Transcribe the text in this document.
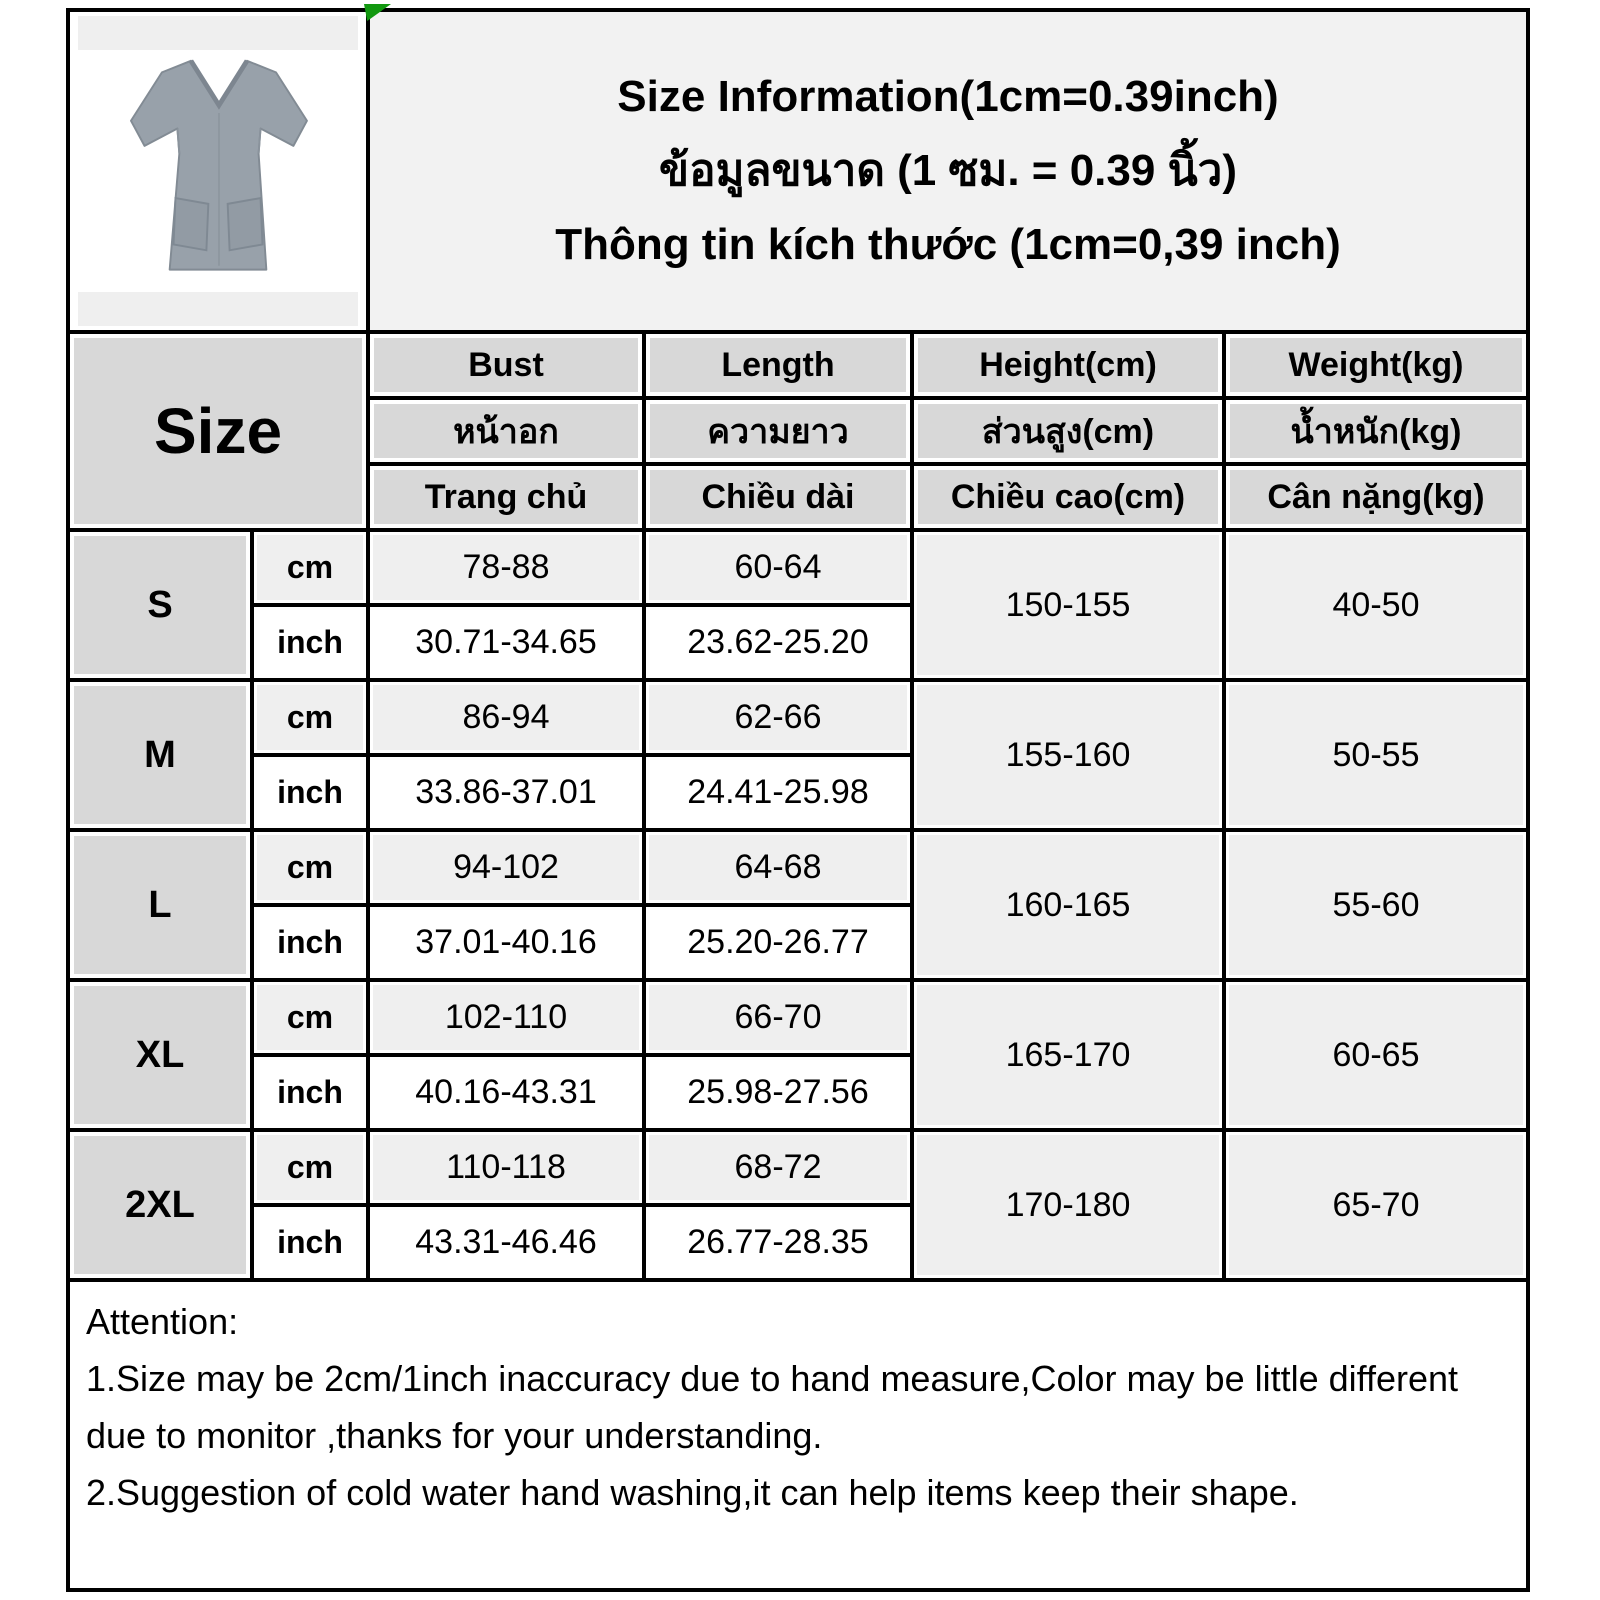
Size Information(1cm=0.39inch)
ข้อมูลขนาด (1 ซม. = 0.39 นิ้ว)
Thông tin kích thước (1cm=0,39 inch)
Size
Bust	Length	Height(cm)	Weight(kg)
หน้าอก	ความยาว	ส่วนสูง(cm)	น้ำหนัก(kg)
Trang chủ	Chiều dài	Chiều cao(cm)	Cân nặng(kg)
S
cm	78-88	60-64
inch	30.71-34.65	23.62-25.20
150-155	40-50
M
cm	86-94	62-66
inch	33.86-37.01	24.41-25.98
155-160	50-55
L
cm	94-102	64-68
inch	37.01-40.16	25.20-26.77
160-165	55-60
XL
cm	102-110	66-70
inch	40.16-43.31	25.98-27.56
165-170	60-65
2XL
cm	110-118	68-72
inch	43.31-46.46	26.77-28.35
170-180	65-70
Attention:
1.Size may be 2cm/1inch inaccuracy due to hand measure,Color may be little different due to monitor ,thanks for your understanding.
2.Suggestion of cold water hand washing,it can help items keep their shape.
